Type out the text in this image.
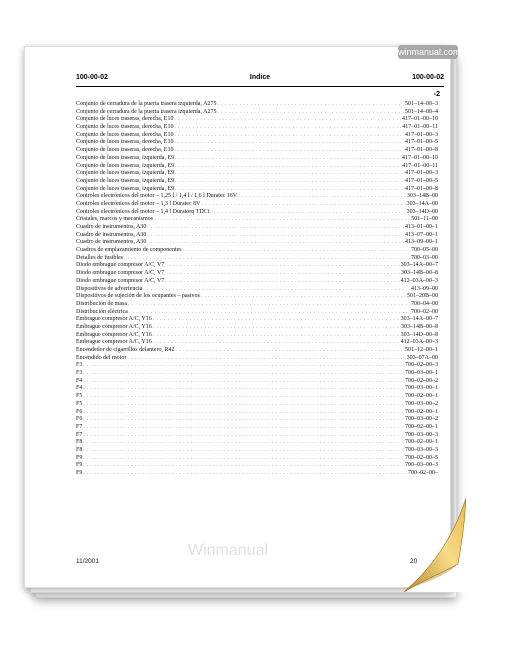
winmanual.com
100-00-02	Indice	100-00-02
-2
Conjunto de cerradura de la puerta trasera izquierda, A275 . . .	501–14–00–3
Conjunto de cerradura de la puerta trasera izquierda, A275 . . .	501–14–00–4
Conjunto de luces traseras, derecha, E10 . . .	417–01–00–10
Conjunto de luces traseras, derecha, E10 . . .	417–01–00–11
Conjunto de luces traseras, derecha, E10 . . .	417–01–00–3
Conjunto de luces traseras, derecha, E10 . . .	417–01–00–5
Conjunto de luces traseras, derecha, E10 . . .	417–01–00–8
Conjunto de luces traseras, izquierda, E9 . . .	417–01–00–10
Conjunto de luces traseras, izquierda, E9 . . .	417–01–00–11
Conjunto de luces traseras, izquierda, E9 . . .	417–01–00–3
Conjunto de luces traseras, izquierda, E9 . . .	417–01–00–5
Conjunto de luces traseras, izquierda, E9 . . .	417–01–00–8
Controles electrónicos del motor – 1,25 l / 1,4 l / 1,6 l Duratec 16V . . .	303–14B–00
Controles electrónicos del motor – 1,3 l Duratec 8V . . .	303–14A–00
Controles electrónicos del motor – 1,4 l Duratorq TDCi . . .	303–14D–00
Cristales, marcos y mecanismos . . .	501–11–00
Cuadro de instrumentos, A30 . . .	413–01–00–1
Cuadro de instrumentos, A30 . . .	413–07–00–1
Cuadro de instrumentos, A30 . . .	413–09–00–1
Cuadros de emplazamiento de componentes . . .	700–05–00
Detalles de fusibles . . .	700–03–00
Diodo embrague compresor A/C, V7 . . .	303–14A–00–7
Diodo embrague compresor A/C, V7 . . .	303–14B–00–8
Diodo embrague compresor A/C, V7 . . .	412–03A–00–3
Dispositivos de advertencia . . .	413–09–00
Dispositivos de sujeción de los ocupantes – pasivos . . .	501–20B–00
Distribución de masa . . .	700–04–00
Distribución eléctrica . . .	700–02–00
Embrague compresor A/C, Y16 . . .	303–14A–00–7
Embrague compresor A/C, Y16 . . .	303–14B–00–8
Embrague compresor A/C, Y16 . . .	303–14D–00–8
Embrague compresor A/C, Y16 . . .	412–03A–00–3
Encendedor de cigarrillos delantero, R42 . . .	501–12–00–1
Encendido del motor . . .	303–07A–00
F3 . . .	700–02–00–3
F3 . . .	700–03–00–1
F4 . . .	700–02–00–2
F4 . . .	700–03–00–1
F5 . . .	700–02–00–1
F5 . . .	700–03–00–2
F6 . . .	700–02–00–1
F6 . . .	700–03–00–2
F7 . . .	700–02–00–1
F7 . . .	700–03–00–3
F8 . . .	700–02–00–1
F8 . . .	700–03–00–3
F9 . . .	700–02–00–5
F9 . . .	700–03–00–3
F9 . . .	700–02–00–
Winmanual
11/2001	20
